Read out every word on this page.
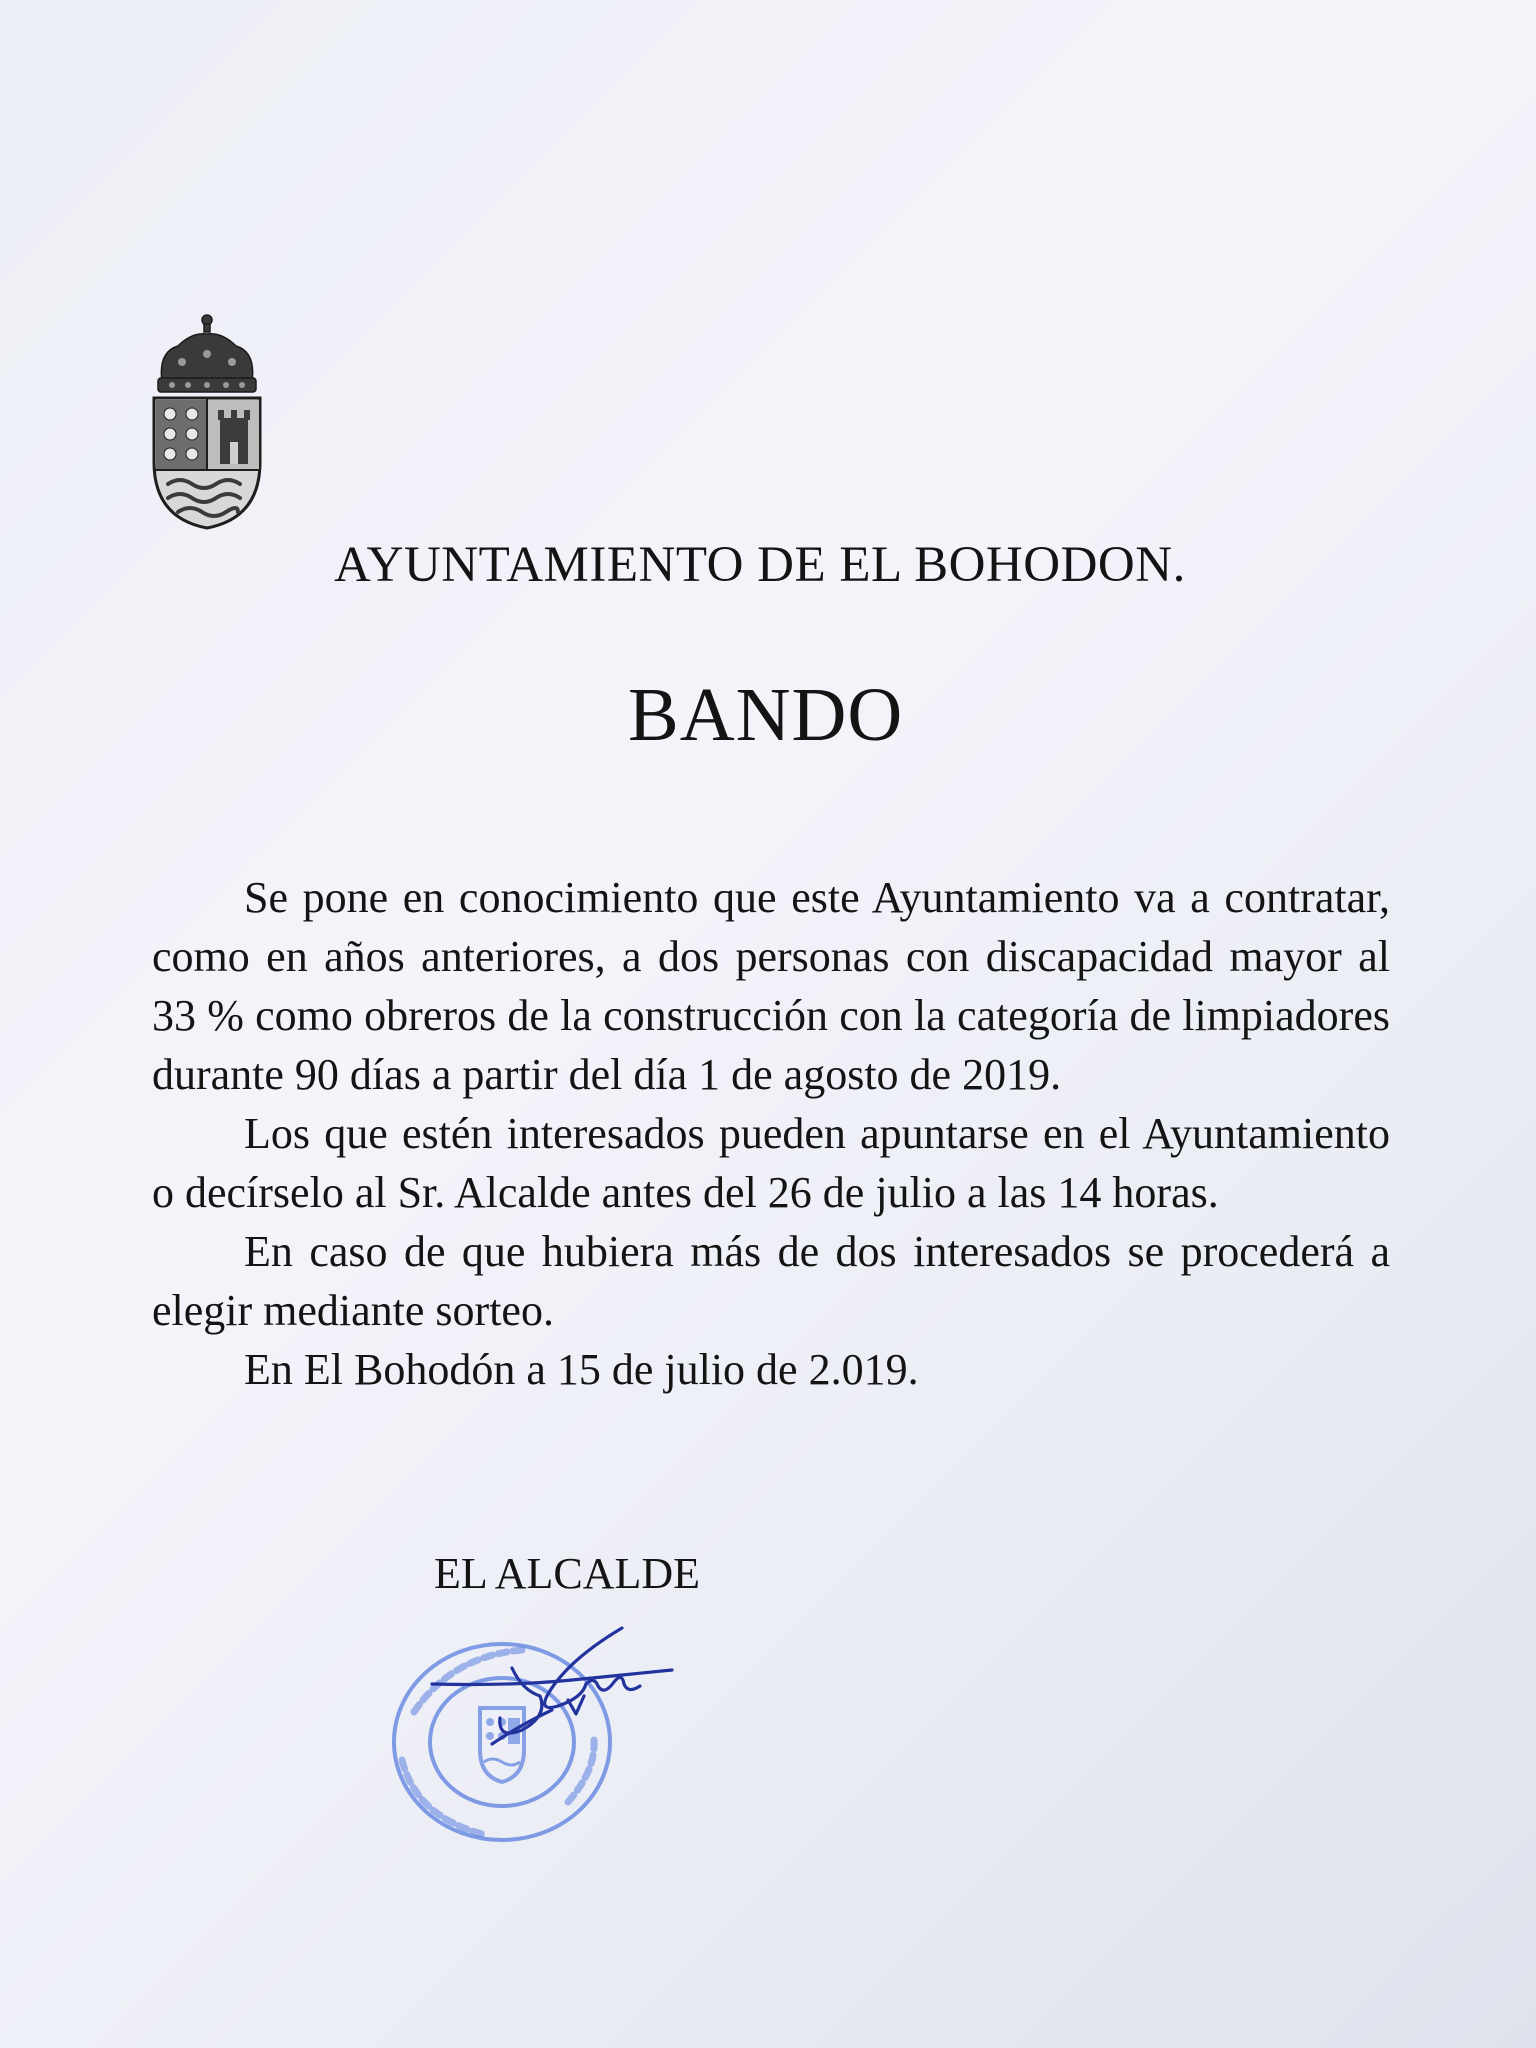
AYUNTAMIENTO DE EL BOHODON.
BANDO

Se pone en conocimiento que este Ayuntamiento va a contratar, como en años anteriores, a dos personas con discapacidad mayor al 33 % como obreros de la construcción con la categoría de limpiadores durante 90 días a partir del día 1 de agosto de 2019.

Los que estén interesados pueden apuntarse en el Ayuntamiento o decírselo al Sr. Alcalde antes del 26 de julio a las 14 horas.

En caso de que hubiera más de dos interesados se procederá a elegir mediante sorteo.

En El Bohodón a 15 de julio de 2.019.

EL ALCALDE
